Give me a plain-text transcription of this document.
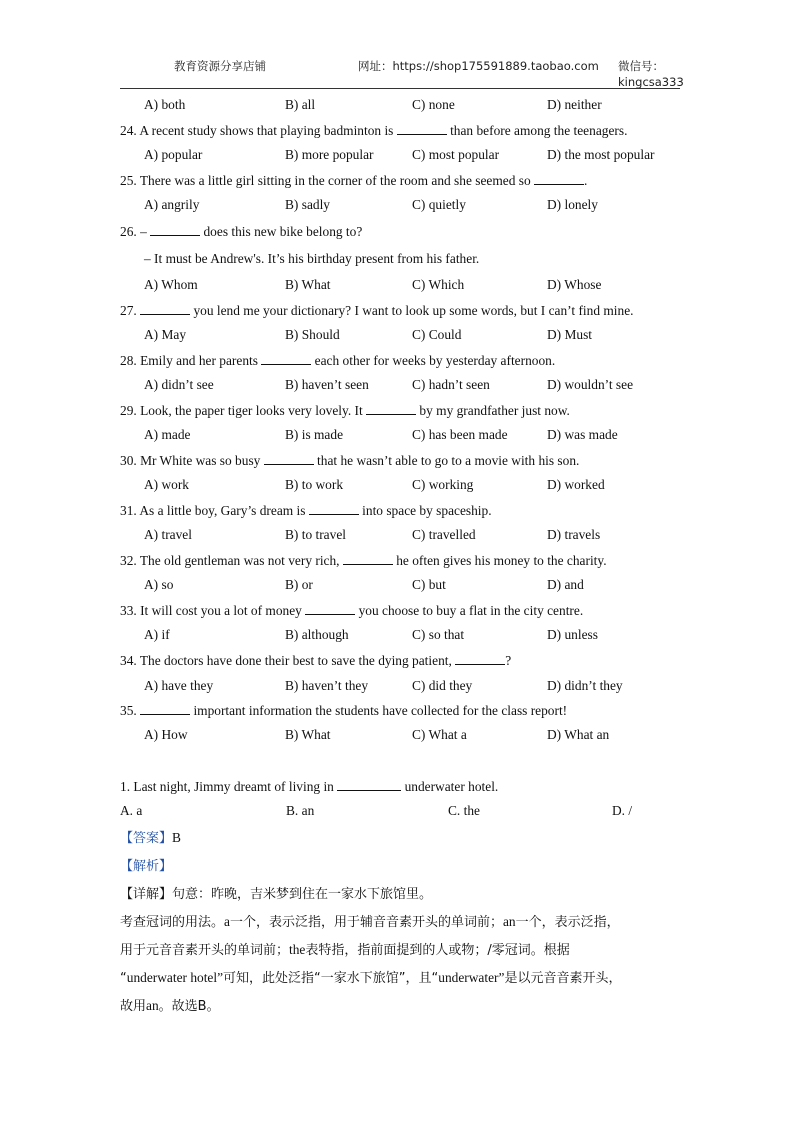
教育资源分享店铺	网址：https://shop175591889.taobao.com 微信号：
kingcsa333
A) both	B) all	C) none	D) neither
24. A recent study shows that playing badminton is	than before among the teenagers.
A) popular	B) more popular	C) most popular	D) the most popular
25. There was a little girl sitting in the corner of the room and she seemed so	.
A) angrily	B) sadly	C) quietly	D) lonely
26. –	does this new bike belong to?
– It must be Andrew's. It’s his birthday present from his father.
A) Whom	B) What	C) Which	D) Whose
27.	you lend me your dictionary? I want to look up some words, but I can’t find mine.
A) May	B) Should	C) Could	D) Must
28. Emily and her parents	each other for weeks by yesterday afternoon.
A) didn’t see	B) haven’t seen	C) hadn’t seen	D) wouldn’t see
29. Look, the paper tiger looks very lovely. It	by my grandfather just now.
A) made	B) is made	C) has been made	D) was made
30. Mr White was so busy	that he wasn’t able to go to a movie with his son.
A) work	B) to work	C) working	D) worked
31. As a little boy, Gary’s dream is	into space by spaceship.
A) travel	B) to travel	C) travelled	D) travels
32. The old gentleman was not very rich,	he often gives his money to the charity.
A) so	B) or	C) but	D) and
33. It will cost you a lot of money	you choose to buy a flat in the city centre.
A) if	B) although	C) so that	D) unless
34. The doctors have done their best to save the dying patient,	?
A) have they	B) haven’t they	C) did they	D) didn’t they
35.	important information the students have collected for the class report!
A) How	B) What	C) What a	D) What an
1. Last night, Jimmy dreamt of living in	underwater hotel.
A. a	B. an	C. the	D. /
【答案】B
【解析】
【详解】句意：昨晚，吉米梦到住在一家水下旅馆里。
考查冠词的用法。a一个，表示泛指，用于辅音音素开头的单词前；an一个，表示泛指，
用于元音音素开头的单词前；the表特指，指前面提到的人或物；/零冠词。根据
“underwater hotel”可知，此处泛指“一家水下旅馆”，且“underwater”是以元音音素开头，
故用an。故选B。
